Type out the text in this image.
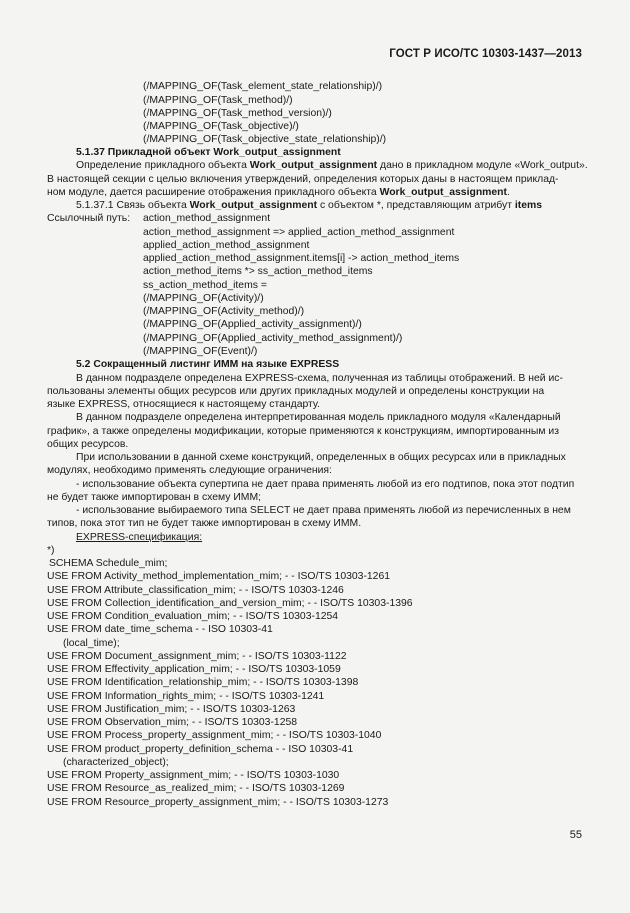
ГОСТ Р ИСО/ТС 10303-1437—2013
(/MAPPING_OF(Task_element_state_relationship)/)
(/MAPPING_OF(Task_method)/)
(/MAPPING_OF(Task_method_version)/)
(/MAPPING_OF(Task_objective)/)
(/MAPPING_OF(Task_objective_state_relationship)/)
5.1.37 Прикладной объект Work_output_assignment
Определение прикладного объекта Work_output_assignment дано в прикладном модуле «Work_output».
В настоящей секции с целью включения утверждений, определения которых даны в настоящем приклад-
ном модуле, дается расширение отображения прикладного объекта Work_output_assignment.
5.1.37.1 Связь объекта Work_output_assignment с объектом *, представляющим атрибут items
Ссылочный путь: action_method_assignment
action_method_assignment => applied_action_method_assignment
applied_action_method_assignment
applied_action_method_assignment.items[i] -> action_method_items
action_method_items *> ss_action_method_items
ss_action_method_items =
(/MAPPING_OF(Activity)/)
(/MAPPING_OF(Activity_method)/)
(/MAPPING_OF(Applied_activity_assignment)/)
(/MAPPING_OF(Applied_activity_method_assignment)/)
(/MAPPING_OF(Event)/)
5.2 Сокращенный листинг ИММ на языке EXPRESS
В данном подразделе определена EXPRESS-схема, полученная из таблицы отображений. В ней ис-
пользованы элементы общих ресурсов или других прикладных модулей и определены конструкции на
языке EXPRESS, относящиеся к настоящему стандарту.
В данном подразделе определена интерпретированная модель прикладного модуля «Календарный
график», а также определены модификации, которые применяются к конструкциям, импортированным из
общих ресурсов.
При использовании в данной схеме конструкций, определенных в общих ресурсах или в прикладных
модулях, необходимо применять следующие ограничения:
- использование объекта супертипа не дает права применять любой из его подтипов, пока этот подтип
не будет также импортирован в схему ИММ;
- использование выбираемого типа SELECT не дает права применять любой из перечисленных в нем
типов, пока этот тип не будет также импортирован в схему ИММ.
EXPRESS-спецификация:
*)
SCHEMA Schedule_mim;
USE FROM Activity_method_implementation_mim; - - ISO/TS 10303-1261
USE FROM Attribute_classification_mim; - - ISO/TS 10303-1246
USE FROM Collection_identification_and_version_mim; - - ISO/TS 10303-1396
USE FROM Condition_evaluation_mim; - - ISO/TS 10303-1254
USE FROM date_time_schema - - ISO 10303-41
(local_time);
USE FROM Document_assignment_mim; - - ISO/TS 10303-1122
USE FROM Effectivity_application_mim; - - ISO/TS 10303-1059
USE FROM Identification_relationship_mim; - - ISO/TS 10303-1398
USE FROM Information_rights_mim; - - ISO/TS 10303-1241
USE FROM Justification_mim; - - ISO/TS 10303-1263
USE FROM Observation_mim; - - ISO/TS 10303-1258
USE FROM Process_property_assignment_mim; - - ISO/TS 10303-1040
USE FROM product_property_definition_schema - - ISO 10303-41
(characterized_object);
USE FROM Property_assignment_mim; - - ISO/TS 10303-1030
USE FROM Resource_as_realized_mim; - - ISO/TS 10303-1269
USE FROM Resource_property_assignment_mim; - - ISO/TS 10303-1273
55
